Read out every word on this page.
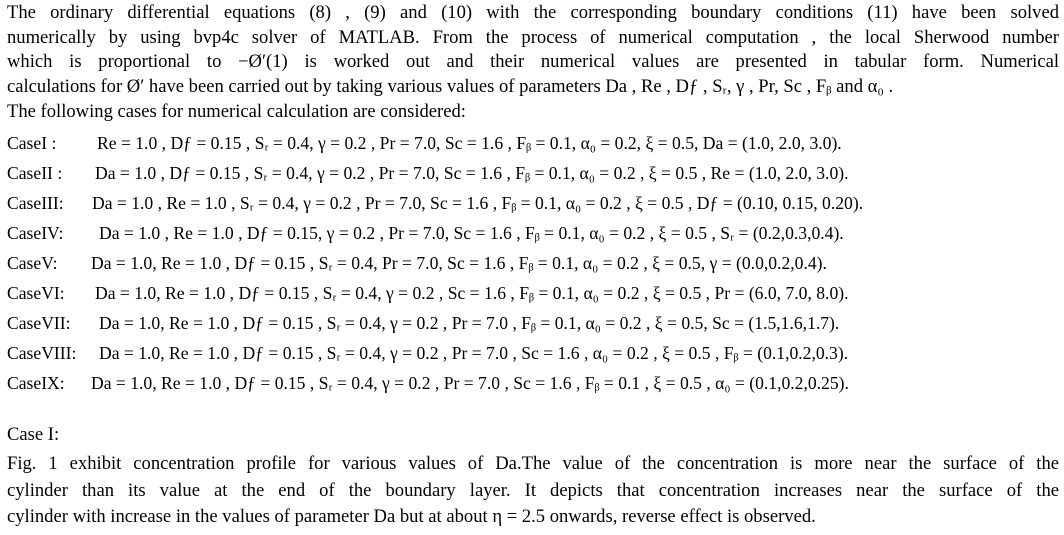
The ordinary differential equations (8) , (9) and (10) with the corresponding boundary conditions (11) have been solved
numerically by using bvp4c solver of MATLAB. From the process of numerical computation , the local Sherwood number
which is proportional to −Ø′(1) is worked out and their numerical values are presented in tabular form. Numerical
calculations for Ø′ have been carried out by taking various values of parameters Da , Re , Dƒ , Sᵣ, γ , Pr, Sc , Fᵦ and α₀ .
The following cases for numerical calculation are considered:
CaseI : Re = 1.0 , Dƒ = 0.15 , Sᵣ = 0.4, γ = 0.2 , Pr = 7.0, Sc = 1.6 , Fᵦ = 0.1, α₀ = 0.2, ξ = 0.5, Da = (1.0, 2.0, 3.0).
CaseII : Da = 1.0 , Dƒ = 0.15 , Sᵣ = 0.4, γ = 0.2 , Pr = 7.0, Sc = 1.6 , Fᵦ = 0.1, α₀ = 0.2 , ξ = 0.5 , Re = (1.0, 2.0, 3.0).
CaseIII: Da = 1.0 , Re = 1.0 , Sᵣ = 0.4, γ = 0.2 , Pr = 7.0, Sc = 1.6 , Fᵦ = 0.1, α₀ = 0.2 , ξ = 0.5 , Dƒ = (0.10, 0.15, 0.20).
CaseIV: Da = 1.0 , Re = 1.0 , Dƒ = 0.15, γ = 0.2 , Pr = 7.0, Sc = 1.6 , Fᵦ = 0.1, α₀ = 0.2 , ξ = 0.5 , Sᵣ = (0.2,0.3,0.4).
CaseV: Da = 1.0, Re = 1.0 , Dƒ = 0.15 , Sᵣ = 0.4, Pr = 7.0, Sc = 1.6 , Fᵦ = 0.1, α₀ = 0.2 , ξ = 0.5, γ = (0.0,0.2,0.4).
CaseVI: Da = 1.0, Re = 1.0 , Dƒ = 0.15 , Sᵣ = 0.4, γ = 0.2 , Sc = 1.6 , Fᵦ = 0.1, α₀ = 0.2 , ξ = 0.5 , Pr = (6.0, 7.0, 8.0).
CaseVII: Da = 1.0, Re = 1.0 , Dƒ = 0.15 , Sᵣ = 0.4, γ = 0.2 , Pr = 7.0 , Fᵦ = 0.1, α₀ = 0.2 , ξ = 0.5, Sc = (1.5,1.6,1.7).
CaseVIII: Da = 1.0, Re = 1.0 , Dƒ = 0.15 , Sᵣ = 0.4, γ = 0.2 , Pr = 7.0 , Sc = 1.6 , α₀ = 0.2 , ξ = 0.5 , Fᵦ = (0.1,0.2,0.3).
CaseIX: Da = 1.0, Re = 1.0 , Dƒ = 0.15 , Sᵣ = 0.4, γ = 0.2 , Pr = 7.0 , Sc = 1.6 , Fᵦ = 0.1 , ξ = 0.5 , α₀ = (0.1,0.2,0.25).
Case I:
Fig. 1 exhibit concentration profile for various values of Da.The value of the concentration is more near the surface of the
cylinder than its value at the end of the boundary layer. It depicts that concentration increases near the surface of the
cylinder with increase in the values of parameter Da but at about η = 2.5 onwards, reverse effect is observed.
